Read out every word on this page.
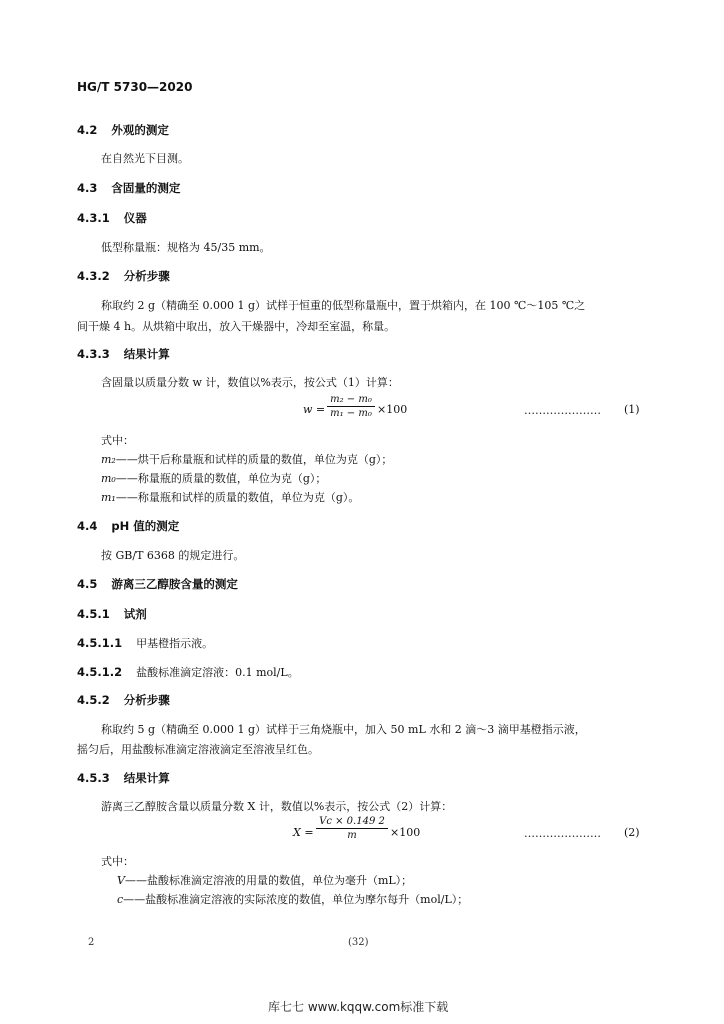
HG/T 5730—2020
4.2 外观的测定
在自然光下目测。
4.3 含固量的测定
4.3.1 仪器
低型称量瓶：规格为 45/35 mm。
4.3.2 分析步骤
称取约 2 g（精确至 0.000 1 g）试样于恒重的低型称量瓶中，置于烘箱内，在 100 ℃～105 ℃之
间干燥 4 h。从烘箱中取出，放入干燥器中，冷却至室温，称量。
4.3.3 结果计算
含固量以质量分数 w 计，数值以%表示，按公式（1）计算：
w =
m₂ − m₀
m₁ − m₀ ×100	………………… (1)
式中：
m₂——烘干后称量瓶和试样的质量的数值，单位为克（g）；
m₀——称量瓶的质量的数值，单位为克（g）；
m₁——称量瓶和试样的质量的数值，单位为克（g）。
4.4 pH 值的测定
按 GB/T 6368 的规定进行。
4.5 游离三乙醇胺含量的测定
4.5.1 试剂
4.5.1.1 甲基橙指示液。
4.5.1.2 盐酸标准滴定溶液：0.1 mol/L。
4.5.2 分析步骤
称取约 5 g（精确至 0.000 1 g）试样于三角烧瓶中，加入 50 mL 水和 2 滴～3 滴甲基橙指示液，
摇匀后，用盐酸标准滴定溶液滴定至溶液呈红色。
4.5.3 结果计算
游离三乙醇胺含量以质量分数 X 计，数值以%表示，按公式（2）计算：
X =
Vc × 0.149 2
m	×100	………………… (2)
式中：
V——盐酸标准滴定溶液的用量的数值，单位为毫升（mL）；
c——盐酸标准滴定溶液的实际浓度的数值，单位为摩尔每升（mol/L）；
2	(32)
库七七 www.kqqw.com标准下载
